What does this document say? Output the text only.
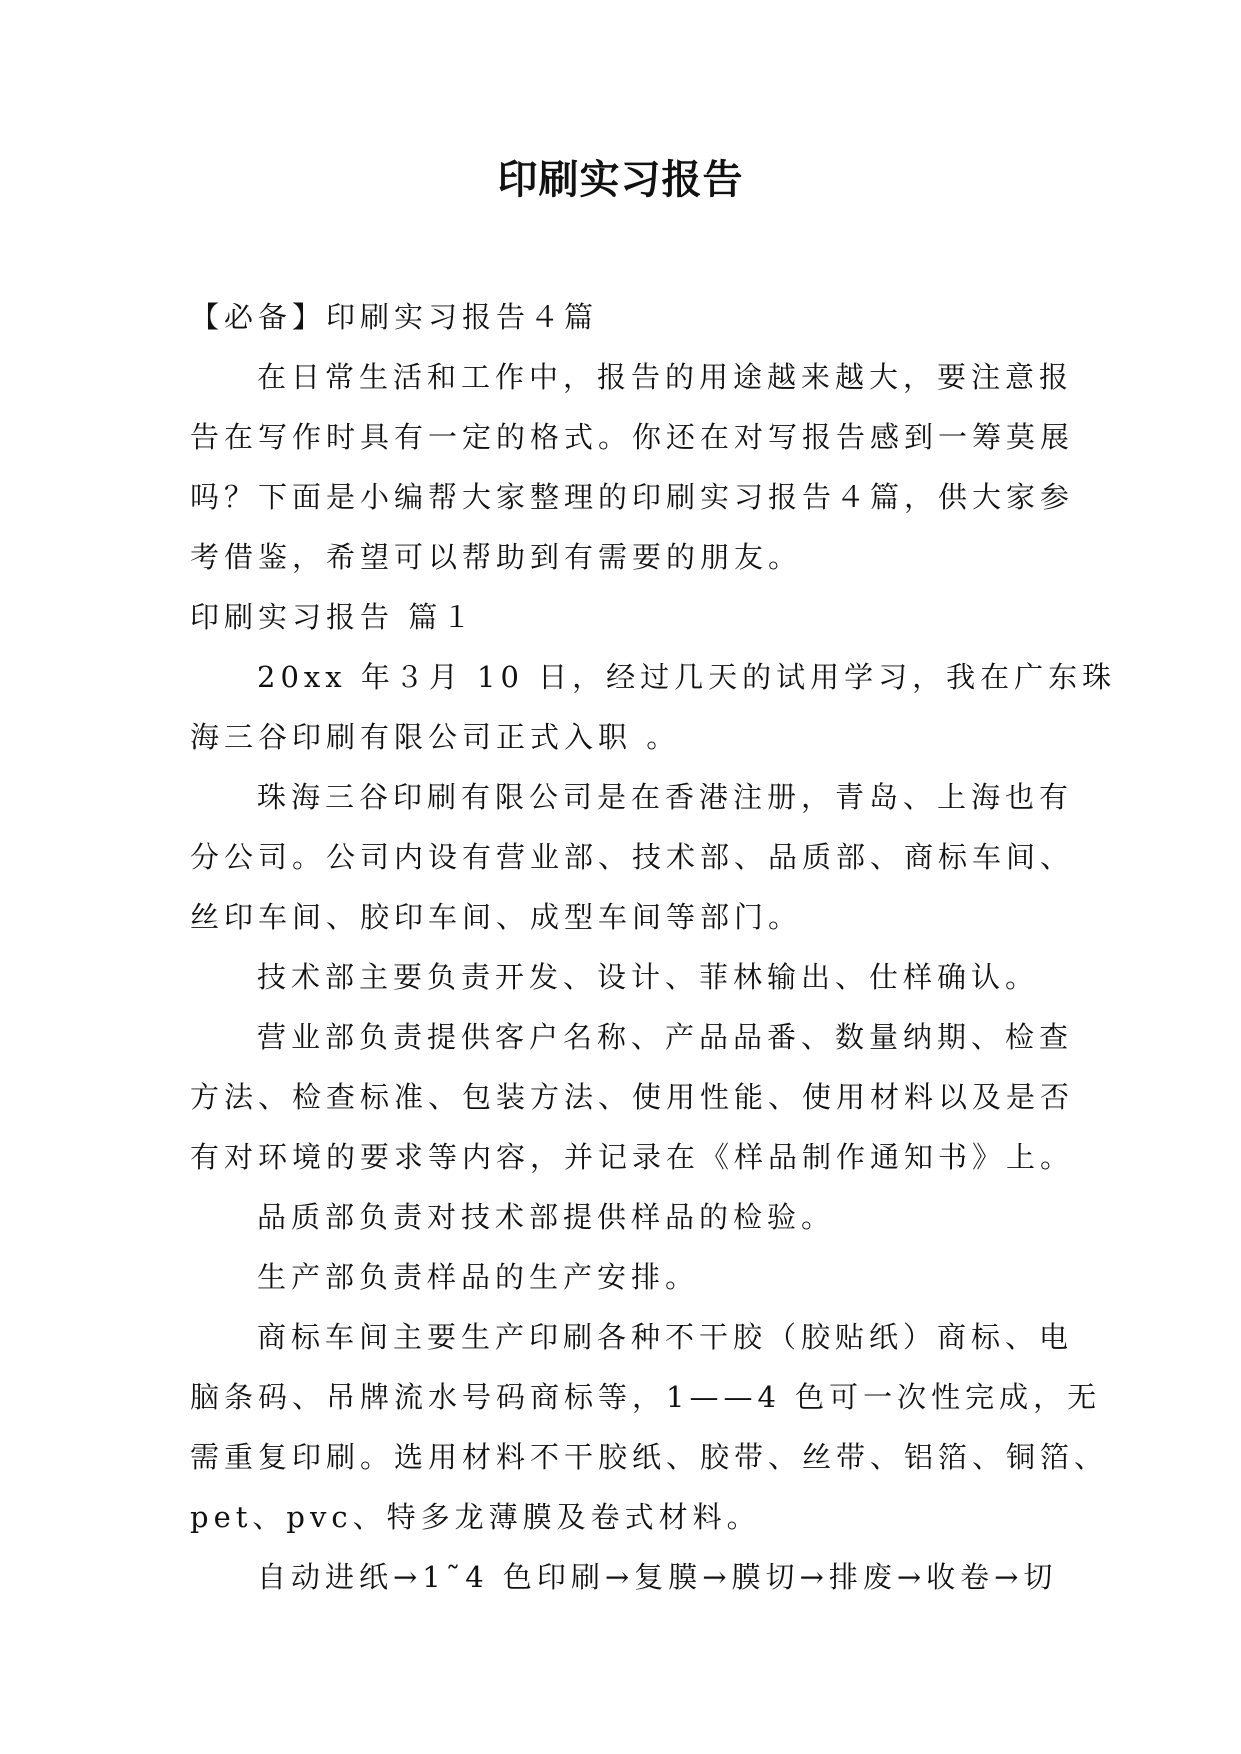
印刷实习报告
【必备】印刷实习报告４篇
在日常生活和工作中，报告的用途越来越大，要注意报
告在写作时具有一定的格式。你还在对写报告感到一筹莫展
吗？下面是小编帮大家整理的印刷实习报告４篇，供大家参
考借鉴，希望可以帮助到有需要的朋友。
印刷实习报告 篇１
20xx 年３月 10 日，经过几天的试用学习，我在广东珠
海三谷印刷有限公司正式入职 。
珠海三谷印刷有限公司是在香港注册，青岛、上海也有
分公司。公司内设有营业部、技术部、品质部、商标车间、
丝印车间、胶印车间、成型车间等部门。
技术部主要负责开发、设计、菲林输出、仕样确认。
营业部负责提供客户名称、产品品番、数量纳期、检查
方法、检查标准、包装方法、使用性能、使用材料以及是否
有对环境的要求等内容，并记录在《样品制作通知书》上。
品质部负责对技术部提供样品的检验。
生产部负责样品的生产安排。
商标车间主要生产印刷各种不干胶（胶贴纸）商标、电
脑条码、吊牌流水号码商标等，1——4 色可一次性完成，无
需重复印刷。选用材料不干胶纸、胶带、丝带、铝箔、铜箔、
pet、pvc、特多龙薄膜及卷式材料。
自动进纸→1˜4 色印刷→复膜→膜切→排废→收卷→切
